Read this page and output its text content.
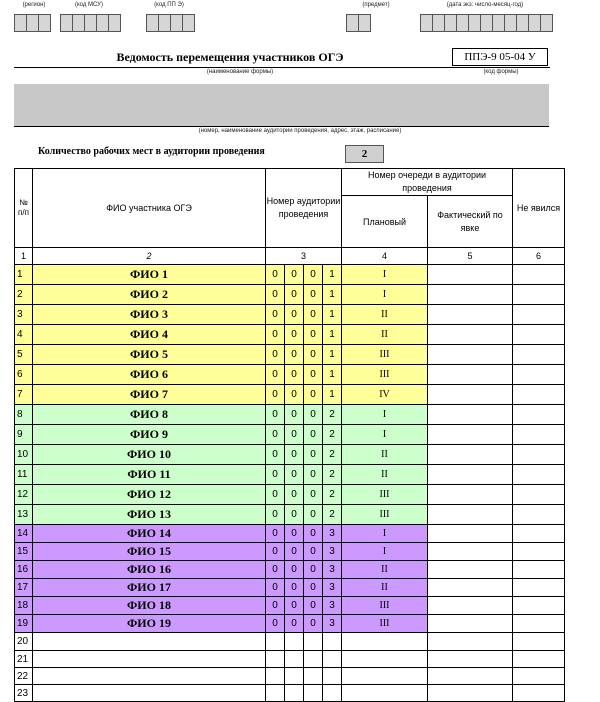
(регион)	(код МСУ)	(код ПП Э)	(предмет)	(дата экз: число-месяц-год)
Ведомость перемещения участников ОГЭ	ППЭ-9 05-04 У
(наименование формы)	(код формы)
(номер, наименование аудитории проведения, адрес, этаж, расписание)
Количество рабочих мест в аудитории проведения	2
№ п/п	ФИО участника ОГЭ	Номер аудитории проведения				Номер очереди в аудитории проведения		Не явился
						Плановый	Фактический по явке	

1	2	3				4	5	6
1	ФИО 1	0	0	0	1	I		
2	ФИО 2	0	0	0	1	I		
3	ФИО 3	0	0	0	1	II		
4	ФИО 4	0	0	0	1	II		
5	ФИО 5	0	0	0	1	III		
6	ФИО 6	0	0	0	1	III		
7	ФИО 7	0	0	0	1	IV		
8	ФИО 8	0	0	0	2	I		
9	ФИО 9	0	0	0	2	I		
10	ФИО 10	0	0	0	2	II		
11	ФИО 11	0	0	0	2	II		
12	ФИО 12	0	0	0	2	III		
13	ФИО 13	0	0	0	2	III		
14	ФИО 14	0	0	0	3	I		
15	ФИО 15	0	0	0	3	I		
16	ФИО 16	0	0	0	3	II		
17	ФИО 17	0	0	0	3	II		
18	ФИО 18	0	0	0	3	III		
19	ФИО 19	0	0	0	3	III		
20								
21								
22								
23								
